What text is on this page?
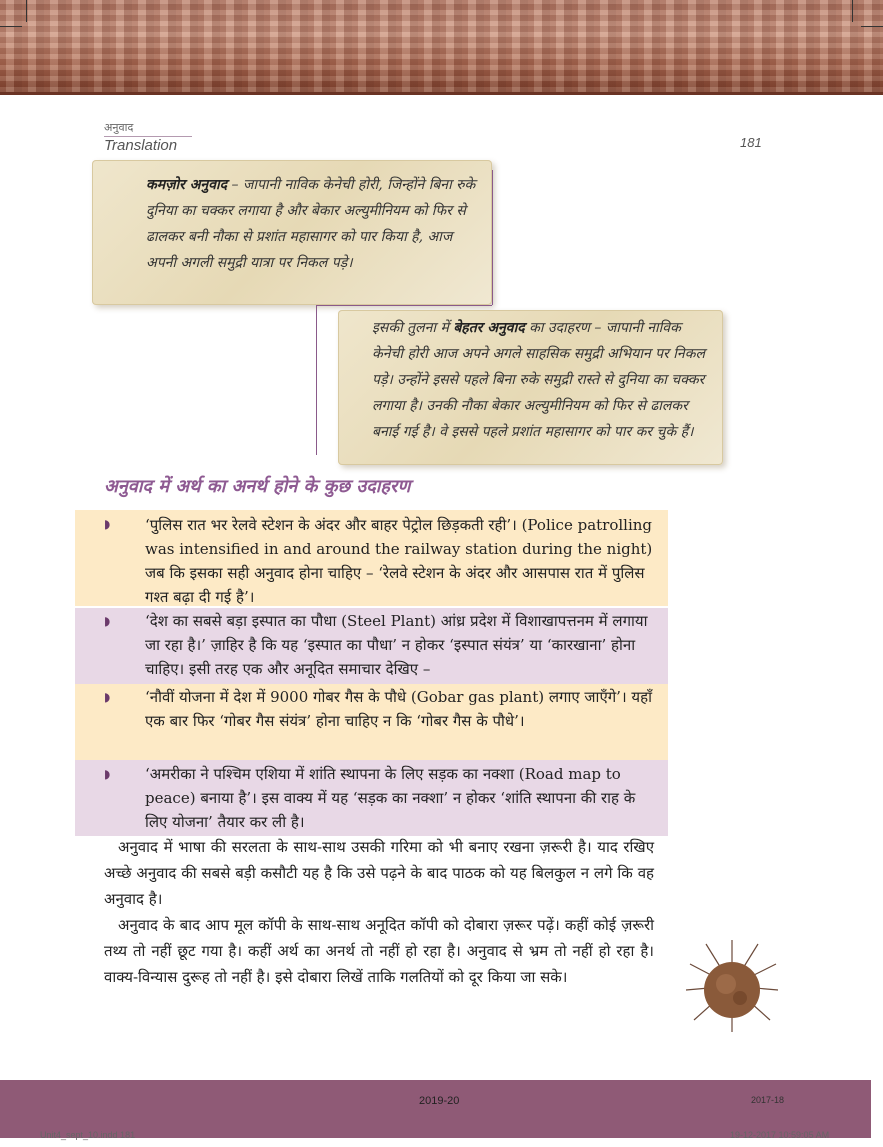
अनुवाद
Translation	181
कमज़ोर अनुवाद – जापानी नाविक केनेची होरी, जिन्होंने बिना रुके दुनिया का चक्कर लगाया है और बेकार अल्युमीनियम को फिर से ढालकर बनी नौका से प्रशांत महासागर को पार किया है, आज अपनी अगली समुद्री यात्रा पर निकल पड़े।
इसकी तुलना में बेहतर अनुवाद का उदाहरण – जापानी नाविक केनेची होरी आज अपने अगले साहसिक समुद्री अभियान पर निकल पड़े। उन्होंने इससे पहले बिना रुके समुद्री रास्ते से दुनिया का चक्कर लगाया है। उनकी नौका बेकार अल्युमीनियम को फिर से ढालकर बनाई गई है। वे इससे पहले प्रशांत महासागर को पार कर चुके हैं।
अनुवाद में अर्थ का अनर्थ होने के कुछ उदाहरण
◗ ‘पुलिस रात भर रेलवे स्टेशन के अंदर और बाहर पेट्रोल छिड़कती रही’। (Police patrolling was intensified in and around the railway station during the night) जब कि इसका सही अनुवाद होना चाहिए – ‘रेलवे स्टेशन के अंदर और आसपास रात में पुलिस गश्त बढ़ा दी गई है’।
◗ ‘देश का सबसे बड़ा इस्पात का पौधा (Steel Plant) आंध्र प्रदेश में विशाखापत्तनम में लगाया जा रहा है।’ ज़ाहिर है कि यह ‘इस्पात का पौधा’ न होकर ‘इस्पात संयंत्र’ या ‘कारखाना’ होना चाहिए। इसी तरह एक और अनूदित समाचार देखिए –
◗ ‘नौवीं योजना में देश में 9000 गोबर गैस के पौधे (Gobar gas plant) लगाए जाएँगे’। यहाँ एक बार फिर ‘गोबर गैस संयंत्र’ होना चाहिए न कि ‘गोबर गैस के पौधे’।
◗ ‘अमरीका ने पश्चिम एशिया में शांति स्थापना के लिए सड़क का नक्शा (Road map to peace) बनाया है’। इस वाक्य में यह ‘सड़क का नक्शा’ न होकर ‘शांति स्थापना की राह के लिए योजना’ तैयार कर ली है।
अनुवाद में भाषा की सरलता के साथ-साथ उसकी गरिमा को भी बनाए रखना ज़रूरी है। याद रखिए अच्छे अनुवाद की सबसे बड़ी कसौटी यह है कि उसे पढ़ने के बाद पाठक को यह बिलकुल न लगे कि वह अनुवाद है।
अनुवाद के बाद आप मूल कॉपी के साथ-साथ अनूदित कॉपी को दोबारा ज़रूर पढ़ें। कहीं कोई ज़रूरी तथ्य तो नहीं छूट गया है। कहीं अर्थ का अनर्थ तो नहीं हो रहा है। अनुवाद से भ्रम तो नहीं हो रहा है। वाक्य-विन्यास दुरूह तो नहीं है। इसे दोबारा लिखें ताकि गलतियों को दूर किया जा सके।
2019-20	2017-18
Unit4_sept_10.indd 181	19-12-2017 10:59:05 AM
